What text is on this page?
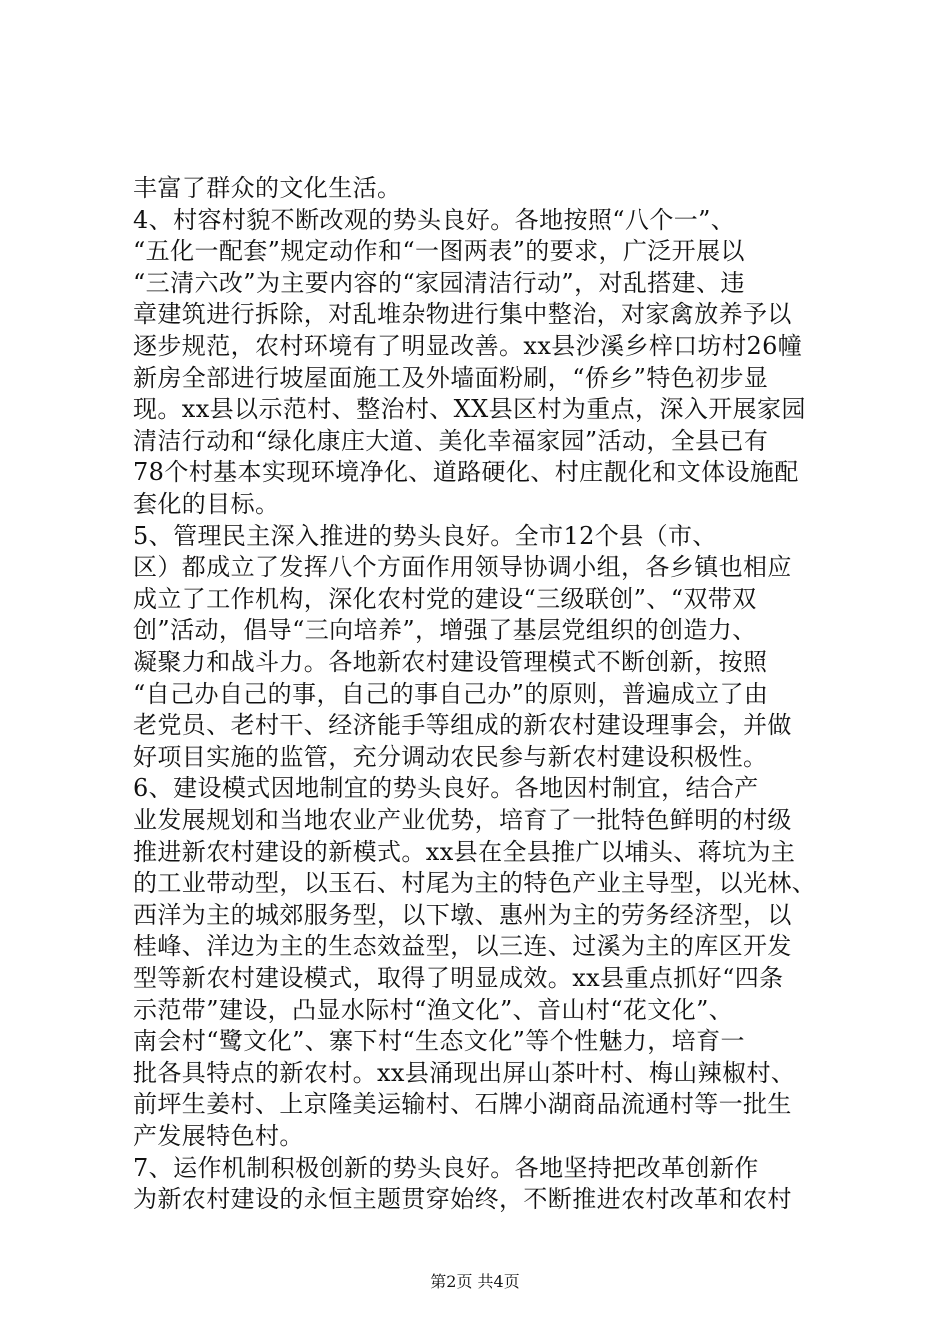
丰富了群众的文化生活。
4、村容村貌不断改观的势头良好。各地按照“八个一”、
“五化一配套”规定动作和“一图两表”的要求，广泛开展以
“三清六改”为主要内容的“家园清洁行动”，对乱搭建、违
章建筑进行拆除，对乱堆杂物进行集中整治，对家禽放养予以
逐步规范，农村环境有了明显改善。xx县沙溪乡梓口坊村26幢
新房全部进行坡屋面施工及外墙面粉刷，“侨乡”特色初步显
现。xx县以示范村、整治村、XX县区村为重点，深入开展家园
清洁行动和“绿化康庄大道、美化幸福家园”活动，全县已有
78个村基本实现环境净化、道路硬化、村庄靓化和文体设施配
套化的目标。
5、管理民主深入推进的势头良好。全市12个县（市、
区）都成立了发挥八个方面作用领导协调小组，各乡镇也相应
成立了工作机构，深化农村党的建设“三级联创”、“双带双
创”活动，倡导“三向培养”，增强了基层党组织的创造力、
凝聚力和战斗力。各地新农村建设管理模式不断创新，按照
“自己办自己的事，自己的事自己办”的原则，普遍成立了由
老党员、老村干、经济能手等组成的新农村建设理事会，并做
好项目实施的监管，充分调动农民参与新农村建设积极性。
6、建设模式因地制宜的势头良好。各地因村制宜，结合产
业发展规划和当地农业产业优势，培育了一批特色鲜明的村级
推进新农村建设的新模式。xx县在全县推广以埔头、蒋坑为主
的工业带动型，以玉石、村尾为主的特色产业主导型，以光林、
西洋为主的城郊服务型，以下墩、惠州为主的劳务经济型，以
桂峰、洋边为主的生态效益型，以三连、过溪为主的库区开发
型等新农村建设模式，取得了明显成效。xx县重点抓好“四条
示范带”建设，凸显水际村“渔文化”、音山村“花文化”、
南会村“鹭文化”、寨下村“生态文化”等个性魅力，培育一
批各具特点的新农村。xx县涌现出屏山茶叶村、梅山辣椒村、
前坪生姜村、上京隆美运输村、石牌小湖商品流通村等一批生
产发展特色村。
7、运作机制积极创新的势头良好。各地坚持把改革创新作
为新农村建设的永恒主题贯穿始终，不断推进农村改革和农村
第2页 共4页
